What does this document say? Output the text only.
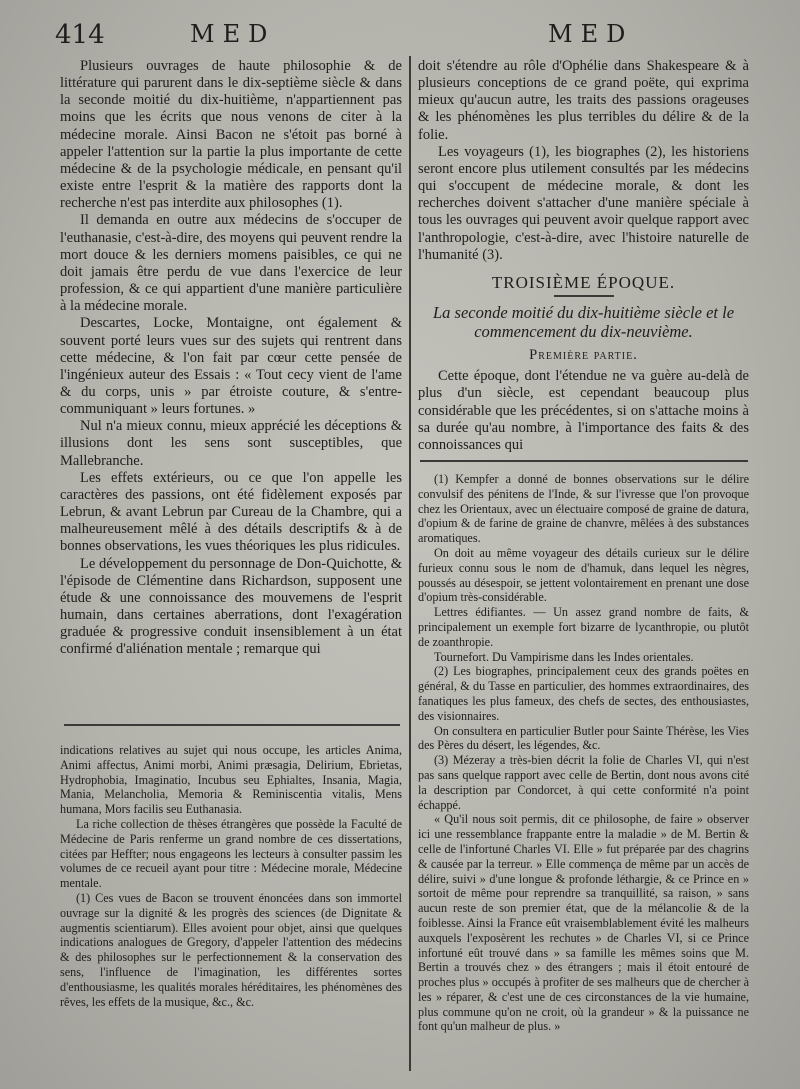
414	MED	MED

Plusieurs ouvrages de haute philosophie & de littérature qui parurent dans le dix-septième siècle & dans la seconde moitié du dix-huitième, n'appartiennent pas moins que les écrits que nous venons de citer à la médecine morale. Ainsi Bacon ne s'étoit pas borné à appeler l'attention sur la partie la plus importante de cette médecine & de la psychologie médicale, en pensant qu'il existe entre l'esprit & la matière des rapports dont la recherche n'est pas interdite aux philosophes (1).

Il demanda en outre aux médecins de s'occuper de l'euthanasie, c'est-à-dire, des moyens qui peuvent rendre la mort douce & les derniers momens paisibles, ce qui ne doit jamais être perdu de vue dans l'exercice de leur profession, & ce qui appartient d'une manière particulière à la médecine morale.

Descartes, Locke, Montaigne, ont également & souvent porté leurs vues sur des sujets qui rentrent dans cette médecine, & l'on fait par cœur cette pensée de l'ingénieux auteur des Essais : « Tout cecy vient de l'ame & du corps, unis » par étroiste couture, & s'entre-communiquant » leurs fortunes. »

Nul n'a mieux connu, mieux apprécié les déceptions & illusions dont les sens sont susceptibles, que Mallebranche.

Les effets extérieurs, ou ce que l'on appelle les caractères des passions, ont été fidèlement exposés par Lebrun, & avant Lebrun par Cureau de la Chambre, qui a malheureusement mêlé à des détails descriptifs & à de bonnes observations, les vues théoriques les plus ridicules.

Le développement du personnage de Don-Quichotte, & l'épisode de Clémentine dans Richardson, supposent une étude & une connoissance des mouvemens de l'esprit humain, dans certaines aberrations, dont l'exagération graduée & progressive conduit insensiblement à un état confirmé d'aliénation mentale ; remarque qui

indications relatives au sujet qui nous occupe, les articles Anima, Animi affectus, Animi morbi, Animi præsagia, Delirium, Ebrietas, Hydrophobia, Imaginatio, Incubus seu Ephialtes, Insania, Magia, Mania, Melancholia, Memoria & Reminiscentia vitalis, Mens humana, Mors facilis seu Euthanasia.

La riche collection de thèses étrangères que possède la Faculté de Médecine de Paris renferme un grand nombre de ces dissertations, citées par Heffter; nous engageons les lecteurs à consulter passim les volumes de ce recueil ayant pour titre : Médecine morale, Médecine mentale.

(1) Ces vues de Bacon se trouvent énoncées dans son immortel ouvrage sur la dignité & les progrès des sciences (de Dignitate & augmentis scientiarum). Elles avoient pour objet, ainsi que quelques indications analogues de Gregory, d'appeler l'attention des médecins & des philosophes sur le perfectionnement & la conservation des sens, l'influence de l'imagination, les différentes sortes d'enthousiasme, les qualités morales héréditaires, les phénomènes des rêves, les effets de la musique, &c., &c.

doit s'étendre au rôle d'Ophélie dans Shakespeare & à plusieurs conceptions de ce grand poëte, qui exprima mieux qu'aucun autre, les traits des passions orageuses & les phénomènes les plus terribles du délire & de la folie.

Les voyageurs (1), les biographes (2), les historiens seront encore plus utilement consultés par les médecins qui s'occupent de médecine morale, & dont les recherches doivent s'attacher d'une manière spéciale à tous les ouvrages qui peuvent avoir quelque rapport avec l'anthropologie, c'est-à-dire, avec l'histoire naturelle de l'humanité (3).

TROISIÈME ÉPOQUE.

La seconde moitié du dix-huitième siècle et le commencement du dix-neuvième.

Première partie.

Cette époque, dont l'étendue ne va guère au-delà de plus d'un siècle, est cependant beaucoup plus considérable que les précédentes, si on s'attache moins à sa durée qu'au nombre, à l'importance des faits & des connoissances qui

(1) Kempfer a donné de bonnes observations sur le délire convulsif des pénitens de l'Inde, & sur l'ivresse que l'on provoque chez les Orientaux, avec un électuaire composé de graine de datura, d'opium & de farine de graine de chanvre, mêlées à des substances aromatiques.

On doit au même voyageur des détails curieux sur le délire furieux connu sous le nom de d'hamuk, dans lequel les nègres, poussés au désespoir, se jettent volontairement en prenant une dose d'opium très-considérable.

Lettres édifiantes. — Un assez grand nombre de faits, & principalement un exemple fort bizarre de lycanthropie, ou plutôt de zoanthropie.

Tournefort. Du Vampirisme dans les Indes orientales.

(2) Les biographes, principalement ceux des grands poëtes en général, & du Tasse en particulier, des hommes extraordinaires, des fanatiques les plus fameux, des chefs de sectes, des enthousiastes, des visionnaires.

On consultera en particulier Butler pour Sainte Thérèse, les Vies des Pères du désert, les légendes, &c.

(3) Mézeray a très-bien décrit la folie de Charles VI, qui n'est pas sans quelque rapport avec celle de Bertin, dont nous avons cité la description par Condorcet, à qui cette conformité n'a point échappé.

« Qu'il nous soit permis, dit ce philosophe, de faire » observer ici une ressemblance frappante entre la maladie » de M. Bertin & celle de l'infortuné Charles VI. Elle » fut préparée par des chagrins & causée par la terreur. » Elle commença de même par un accès de délire, suivi » d'une longue & profonde léthargie, & ce Prince en » sortoit de même pour reprendre sa tranquillité, sa raison, » sans aucun reste de son premier état, que de la mélancolie & de la foiblesse. Ainsi la France eût vraisemblablement évité les malheurs auxquels l'exposèrent les rechutes » de Charles VI, si ce Prince infortuné eût trouvé dans » sa famille les mêmes soins que M. Bertin a trouvés chez » des étrangers ; mais il étoit entouré de proches plus » occupés à profiter de ses malheurs que de chercher à les » réparer, & c'est une de ces circonstances de la vie humaine, plus commune qu'on ne croit, où la grandeur » & la puissance ne font qu'un malheur de plus. »
